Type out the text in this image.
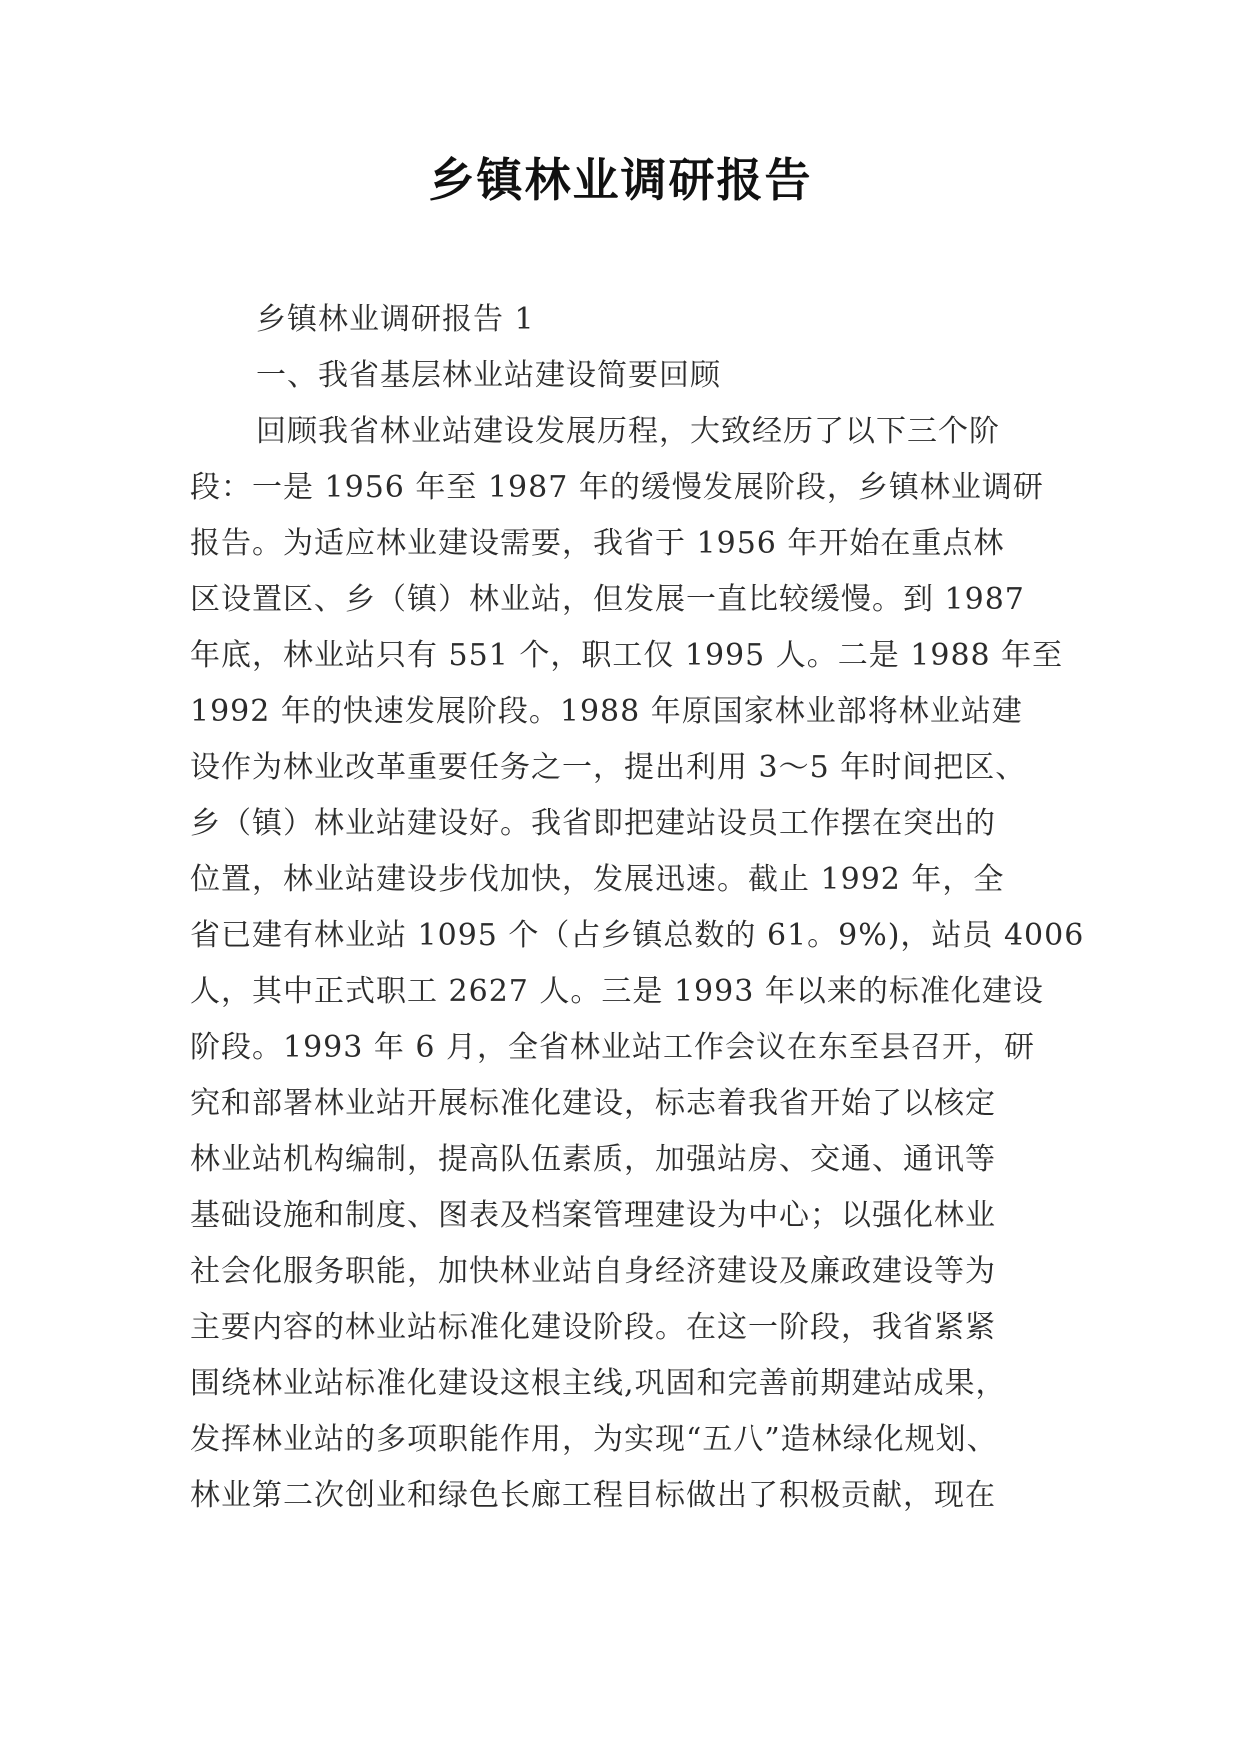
乡镇林业调研报告
乡镇林业调研报告 1
一、我省基层林业站建设简要回顾
回顾我省林业站建设发展历程，大致经历了以下三个阶
段：一是 1956 年至 1987 年的缓慢发展阶段，乡镇林业调研
报告。为适应林业建设需要，我省于 1956 年开始在重点林
区设置区、乡（镇）林业站，但发展一直比较缓慢。到 1987
年底，林业站只有 551 个，职工仅 1995 人。二是 1988 年至
1992 年的快速发展阶段。1988 年原国家林业部将林业站建
设作为林业改革重要任务之一，提出利用 3～5 年时间把区、
乡（镇）林业站建设好。我省即把建站设员工作摆在突出的
位置，林业站建设步伐加快，发展迅速。截止 1992 年，全
省已建有林业站 1095 个（占乡镇总数的 61。9%)，站员 4006
人，其中正式职工 2627 人。三是 1993 年以来的标准化建设
阶段。1993 年 6 月，全省林业站工作会议在东至县召开，研
究和部署林业站开展标准化建设，标志着我省开始了以核定
林业站机构编制，提高队伍素质，加强站房、交通、通讯等
基础设施和制度、图表及档案管理建设为中心；以强化林业
社会化服务职能，加快林业站自身经济建设及廉政建设等为
主要内容的林业站标准化建设阶段。在这一阶段，我省紧紧
围绕林业站标准化建设这根主线,巩固和完善前期建站成果，
发挥林业站的多项职能作用，为实现“五八”造林绿化规划、
林业第二次创业和绿色长廊工程目标做出了积极贡献，现在
